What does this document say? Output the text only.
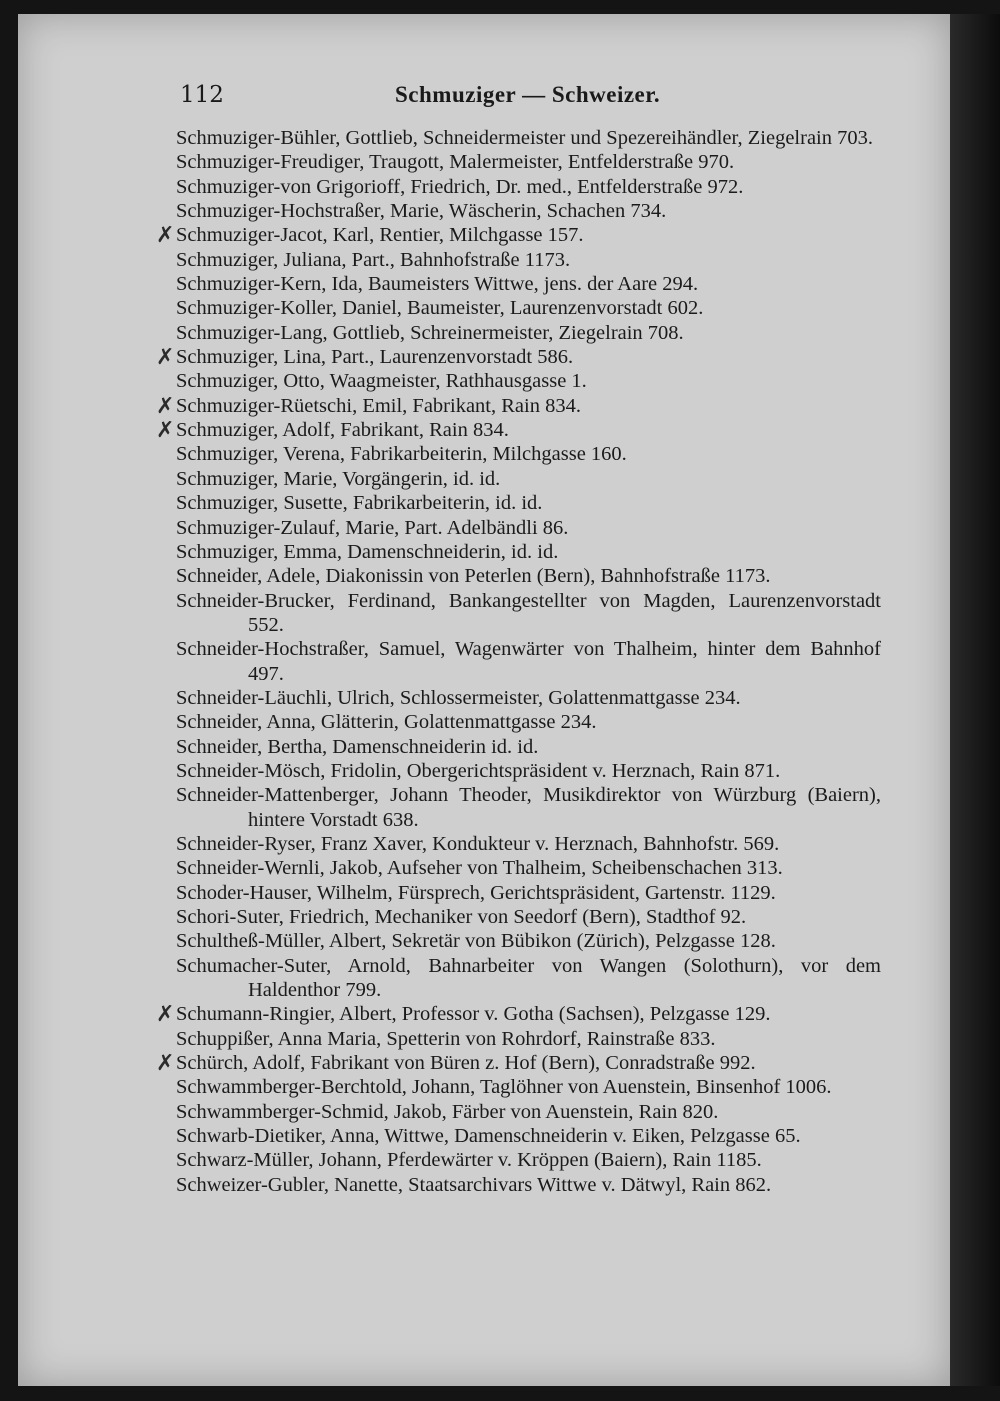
112	Schmuziger — Schweizer.
Schmuziger-Bühler, Gottlieb, Schneidermeister und Spezereihändler, Ziegelrain 703.
Schmuziger-Freudiger, Traugott, Malermeister, Entfelderstraße 970.
Schmuziger-von Grigorioff, Friedrich, Dr. med., Entfelderstraße 972.
Schmuziger-Hochstraßer, Marie, Wäscherin, Schachen 734.
✗ Schmuziger-Jacot, Karl, Rentier, Milchgasse 157.
Schmuziger, Juliana, Part., Bahnhofstraße 1173.
Schmuziger-Kern, Ida, Baumeisters Wittwe, jens. der Aare 294.
Schmuziger-Koller, Daniel, Baumeister, Laurenzenvorstadt 602.
Schmuziger-Lang, Gottlieb, Schreinermeister, Ziegelrain 708.
✗ Schmuziger, Lina, Part., Laurenzenvorstadt 586.
Schmuziger, Otto, Waagmeister, Rathhausgasse 1.
✗ Schmuziger-Rüetschi, Emil, Fabrikant, Rain 834.
✗ Schmuziger, Adolf, Fabrikant, Rain 834.
Schmuziger, Verena, Fabrikarbeiterin, Milchgasse 160.
Schmuziger, Marie, Vorgängerin, id. id.
Schmuziger, Susette, Fabrikarbeiterin, id. id.
Schmuziger-Zulauf, Marie, Part. Adelbändli 86.
Schmuziger, Emma, Damenschneiderin, id. id.
Schneider, Adele, Diakonissin von Peterlen (Bern), Bahnhofstraße 1173.
Schneider-Brucker, Ferdinand, Bankangestellter von Magden, Laurenzenvorstadt 552.
Schneider-Hochstraßer, Samuel, Wagenwärter von Thalheim, hinter dem Bahnhof 497.
Schneider-Läuchli, Ulrich, Schlossermeister, Golattenmattgasse 234.
Schneider, Anna, Glätterin, Golattenmattgasse 234.
Schneider, Bertha, Damenschneiderin id. id.
Schneider-Mösch, Fridolin, Obergerichtspräsident v. Herznach, Rain 871.
Schneider-Mattenberger, Johann Theoder, Musikdirektor von Würzburg (Baiern), hintere Vorstadt 638.
Schneider-Ryser, Franz Xaver, Kondukteur v. Herznach, Bahnhofstr. 569.
Schneider-Wernli, Jakob, Aufseher von Thalheim, Scheibenschachen 313.
Schoder-Hauser, Wilhelm, Fürsprech, Gerichtspräsident, Gartenstr. 1129.
Schori-Suter, Friedrich, Mechaniker von Seedorf (Bern), Stadthof 92.
Schultheß-Müller, Albert, Sekretär von Bübikon (Zürich), Pelzgasse 128.
Schumacher-Suter, Arnold, Bahnarbeiter von Wangen (Solothurn), vor dem Haldenthor 799.
✗ Schumann-Ringier, Albert, Professor v. Gotha (Sachsen), Pelzgasse 129.
Schuppißer, Anna Maria, Spetterin von Rohrdorf, Rainstraße 833.
✗ Schürch, Adolf, Fabrikant von Büren z. Hof (Bern), Conradstraße 992.
Schwammberger-Berchtold, Johann, Taglöhner von Auenstein, Binsenhof 1006.
Schwammberger-Schmid, Jakob, Färber von Auenstein, Rain 820.
Schwarb-Dietiker, Anna, Wittwe, Damenschneiderin v. Eiken, Pelzgasse 65.
Schwarz-Müller, Johann, Pferdewärter v. Kröppen (Baiern), Rain 1185.
Schweizer-Gubler, Nanette, Staatsarchivars Wittwe v. Dätwyl, Rain 862.
